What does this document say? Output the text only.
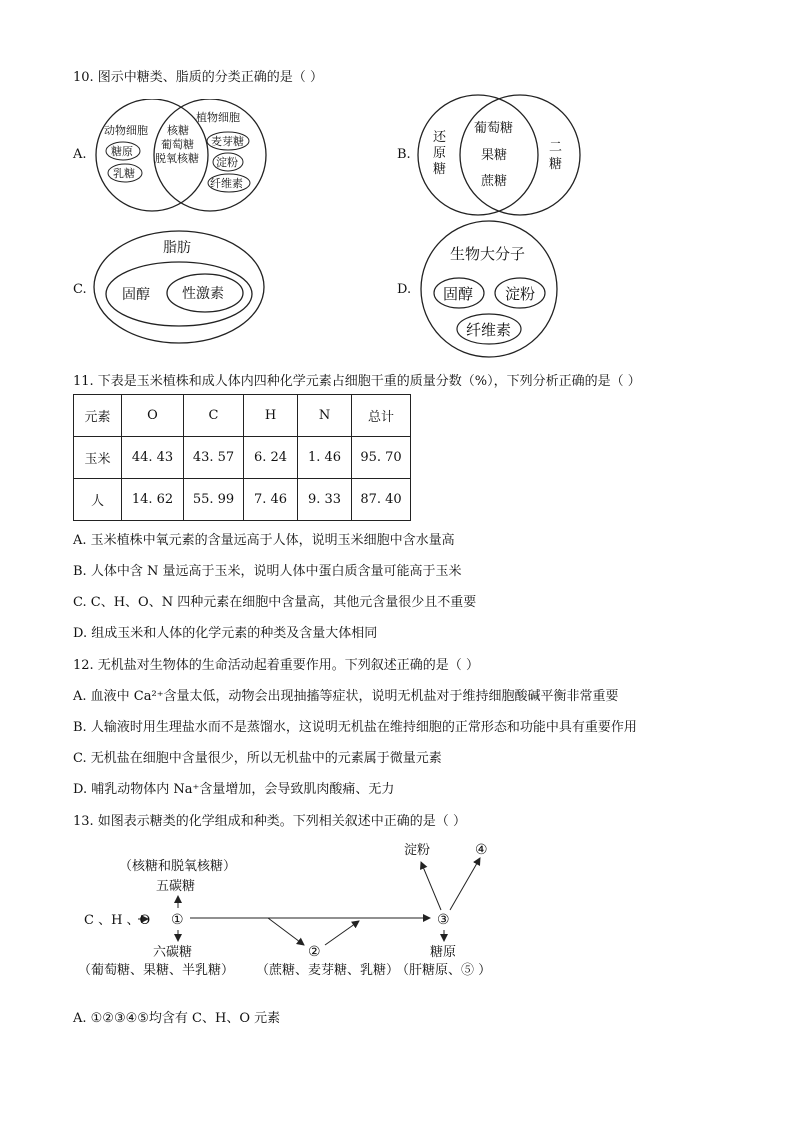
10. 图示中糖类、脂质的分类正确的是（ ）
A.
动物细胞
植物细胞
糖原
乳糖
核糖
葡萄糖
脱氧核糖
麦芽糖
淀粉
纤维素
B.
还
原
糖
葡萄糖
果糖
蔗糖
二
糖
C.
脂肪
固醇 性激素	D.
生物大分子
固醇 淀粉
纤维素
11. 下表是玉米植株和成人体内四种化学元素占细胞干重的质量分数（%），下列分析正确的是（ ）
元素	O	C	H	N	总计
玉米	44. 43	43. 57	6. 24	1. 46	95. 70
人	14. 62	55. 99	7. 46	9. 33	87. 40
A. 玉米植株中氧元素的含量远高于人体，说明玉米细胞中含水量高
B. 人体中含 N 量远高于玉米，说明人体中蛋白质含量可能高于玉米
C. C、H、O、N 四种元素在细胞中含量高，其他元含量很少且不重要
D. 组成玉米和人体的化学元素的种类及含量大体相同
12. 无机盐对生物体的生命活动起着重要作用。下列叙述正确的是（ ）
A. 血液中 Ca²⁺含量太低，动物会出现抽搐等症状，说明无机盐对于维持细胞酸碱平衡非常重要
B. 人输液时用生理盐水而不是蒸馏水，这说明无机盐在维持细胞的正常形态和功能中具有重要作用
C. 无机盐在细胞中含量很少，所以无机盐中的元素属于微量元素
D. 哺乳动物体内 Na⁺含量增加，会导致肌肉酸痛、无力
13. 如图表示糖类的化学组成和种类。下列相关叙述中正确的是（ ）
C 、H 、O ①
（核糖和脱氧核糖）
五碳糖
六碳糖
（葡萄糖、果糖、半乳糖）
②
（蔗糖、麦芽糖、乳糖）
③
淀粉	④
糖原
（肝糖原、⑤ ）
A. ①②③④⑤均含有 C、H、O 元素
